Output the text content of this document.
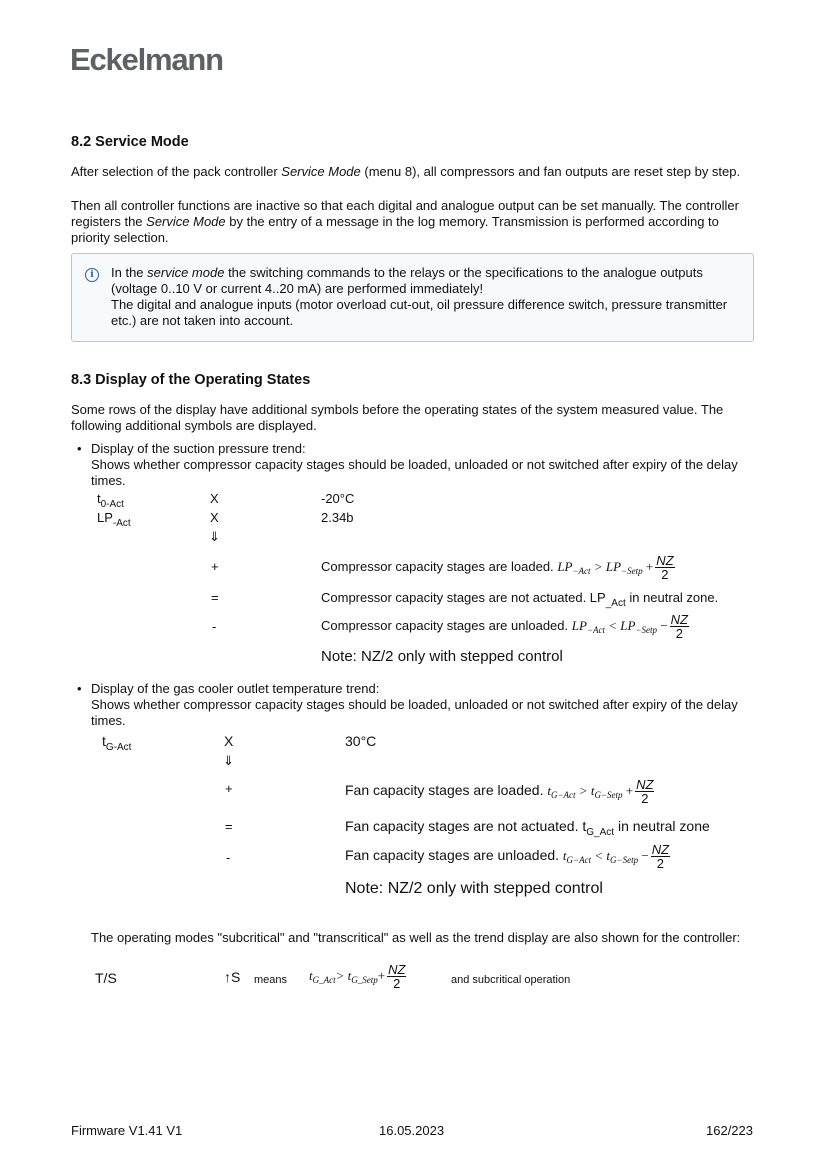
Eckelmann
8.2 Service Mode
After selection of the pack controller Service Mode (menu 8), all compressors and fan outputs are reset step by step.
Then all controller functions are inactive so that each digital and analogue output can be set manually. The controller registers the Service Mode by the entry of a message in the log memory. Transmission is performed according to priority selection.
i	In the service mode the switching commands to the relays or the specifications to the analogue outputs (voltage 0..10 V or current 4..20 mA) are performed immediately!
The digital and analogue inputs (motor overload cut-out, oil pressure difference switch, pressure transmitter etc.) are not taken into account.
8.3 Display of the Operating States
Some rows of the display have additional symbols before the operating states of the system measured value. The following additional symbols are displayed.
• Display of the suction pressure trend:
Shows whether compressor capacity stages should be loaded, unloaded or not switched after expiry of the delay times.
$t_{0-Act}$	X	-20°C
$LP_{-Act}$	X	2.34b
⇓
+	Compressor capacity stages are loaded. $LP_{-Act} > LP_{-Setp} + \frac{NZ}{2}$
=	Compressor capacity stages are not actuated. $LP_{\_Act}$ in neutral zone.
-	Compressor capacity stages are unloaded. $LP_{-Act} < LP_{-Setp} - \frac{NZ}{2}$
Note: NZ/2 only with stepped control
• Display of the gas cooler outlet temperature trend:
Shows whether compressor capacity stages should be loaded, unloaded or not switched after expiry of the delay times.
$t_{G-Act}$	X	30°C
⇓
+	Fan capacity stages are loaded. $t_{G-Act} > t_{G-Setp} + \frac{NZ}{2}$
=	Fan capacity stages are not actuated. $t_{G\_Act}$ in neutral zone
-	Fan capacity stages are unloaded. $t_{G-Act} < t_{G-Setp} - \frac{NZ}{2}$
Note: NZ/2 only with stepped control
The operating modes "subcritical" and "transcritical" as well as the trend display are also shown for the controller:
T/S	↑S means $t_{G\_Act}> t_{G\_Setp}+ \frac{NZ}{2}$	and subcritical operation
Firmware V1.41 V1	16.05.2023	162/223
